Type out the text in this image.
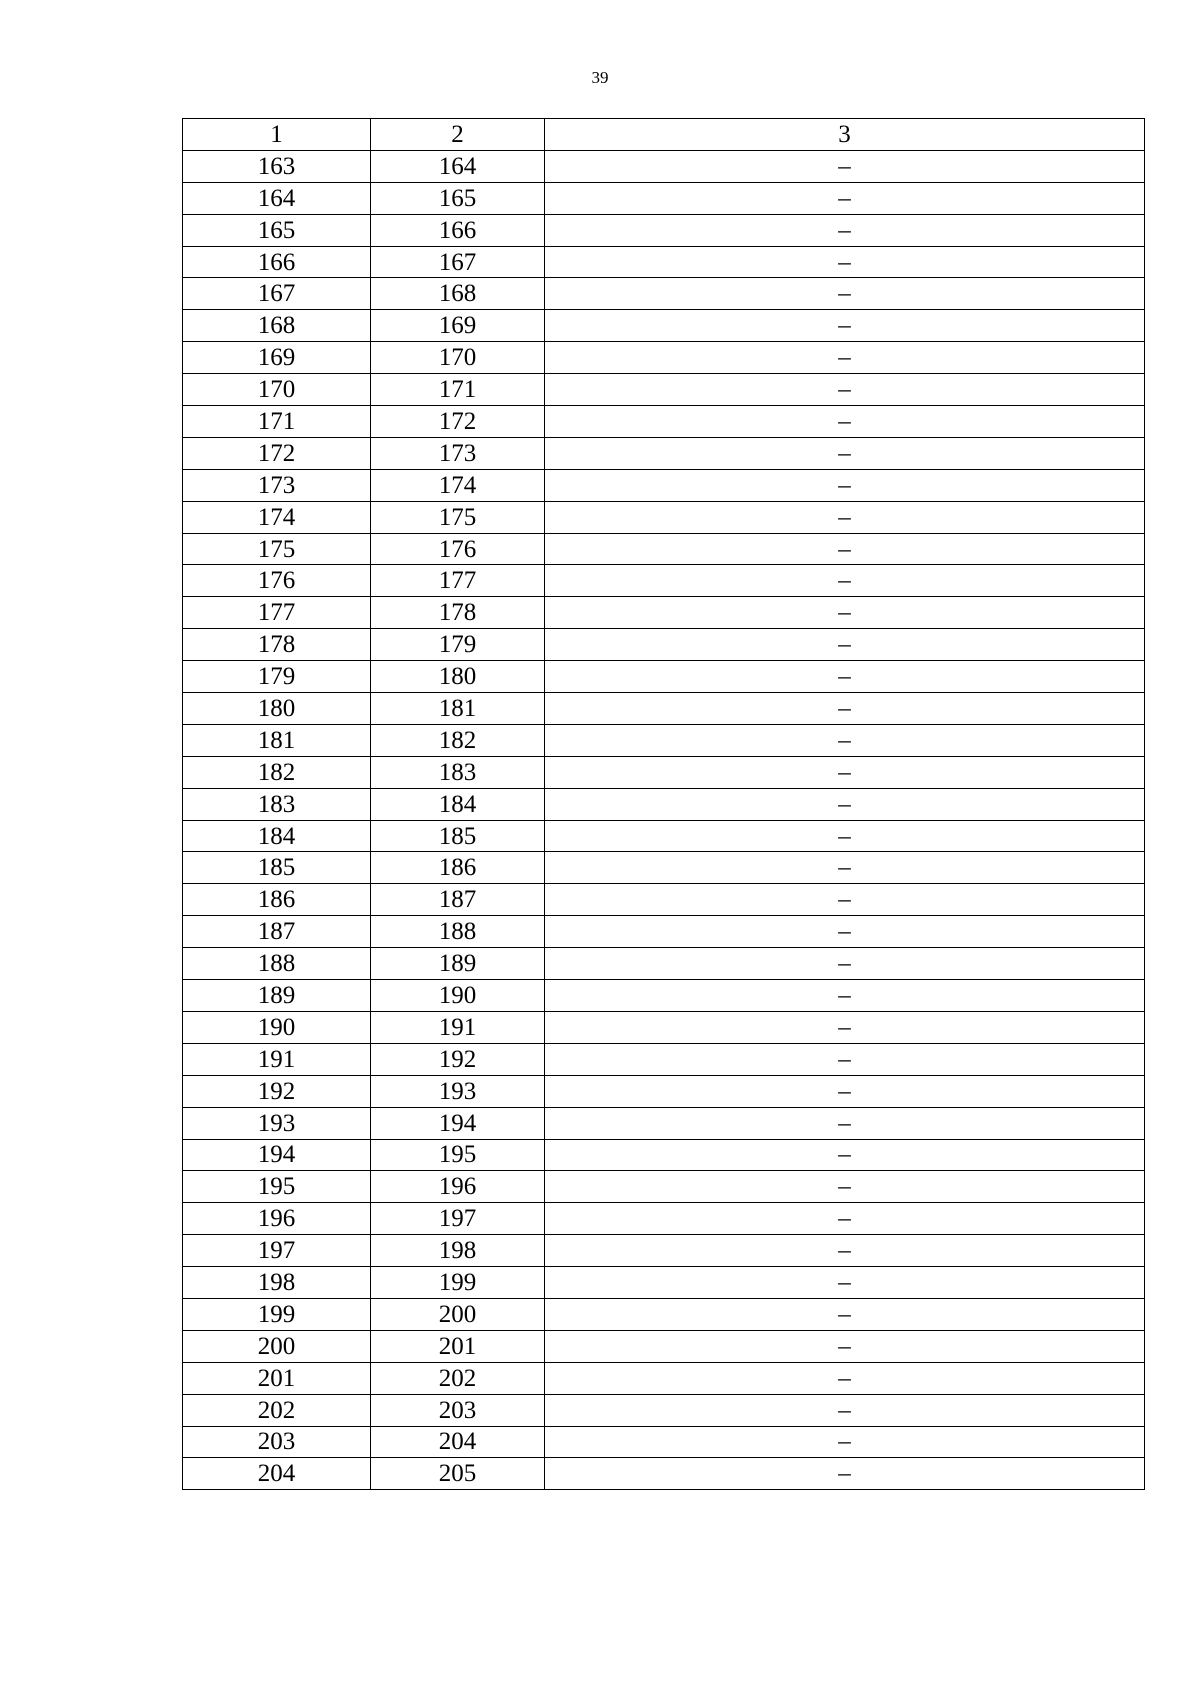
39
1	2	3
163	164	–
164	165	–
165	166	–
166	167	–
167	168	–
168	169	–
169	170	–
170	171	–
171	172	–
172	173	–
173	174	–
174	175	–
175	176	–
176	177	–
177	178	–
178	179	–
179	180	–
180	181	–
181	182	–
182	183	–
183	184	–
184	185	–
185	186	–
186	187	–
187	188	–
188	189	–
189	190	–
190	191	–
191	192	–
192	193	–
193	194	–
194	195	–
195	196	–
196	197	–
197	198	–
198	199	–
199	200	–
200	201	–
201	202	–
202	203	–
203	204	–
204	205	–
